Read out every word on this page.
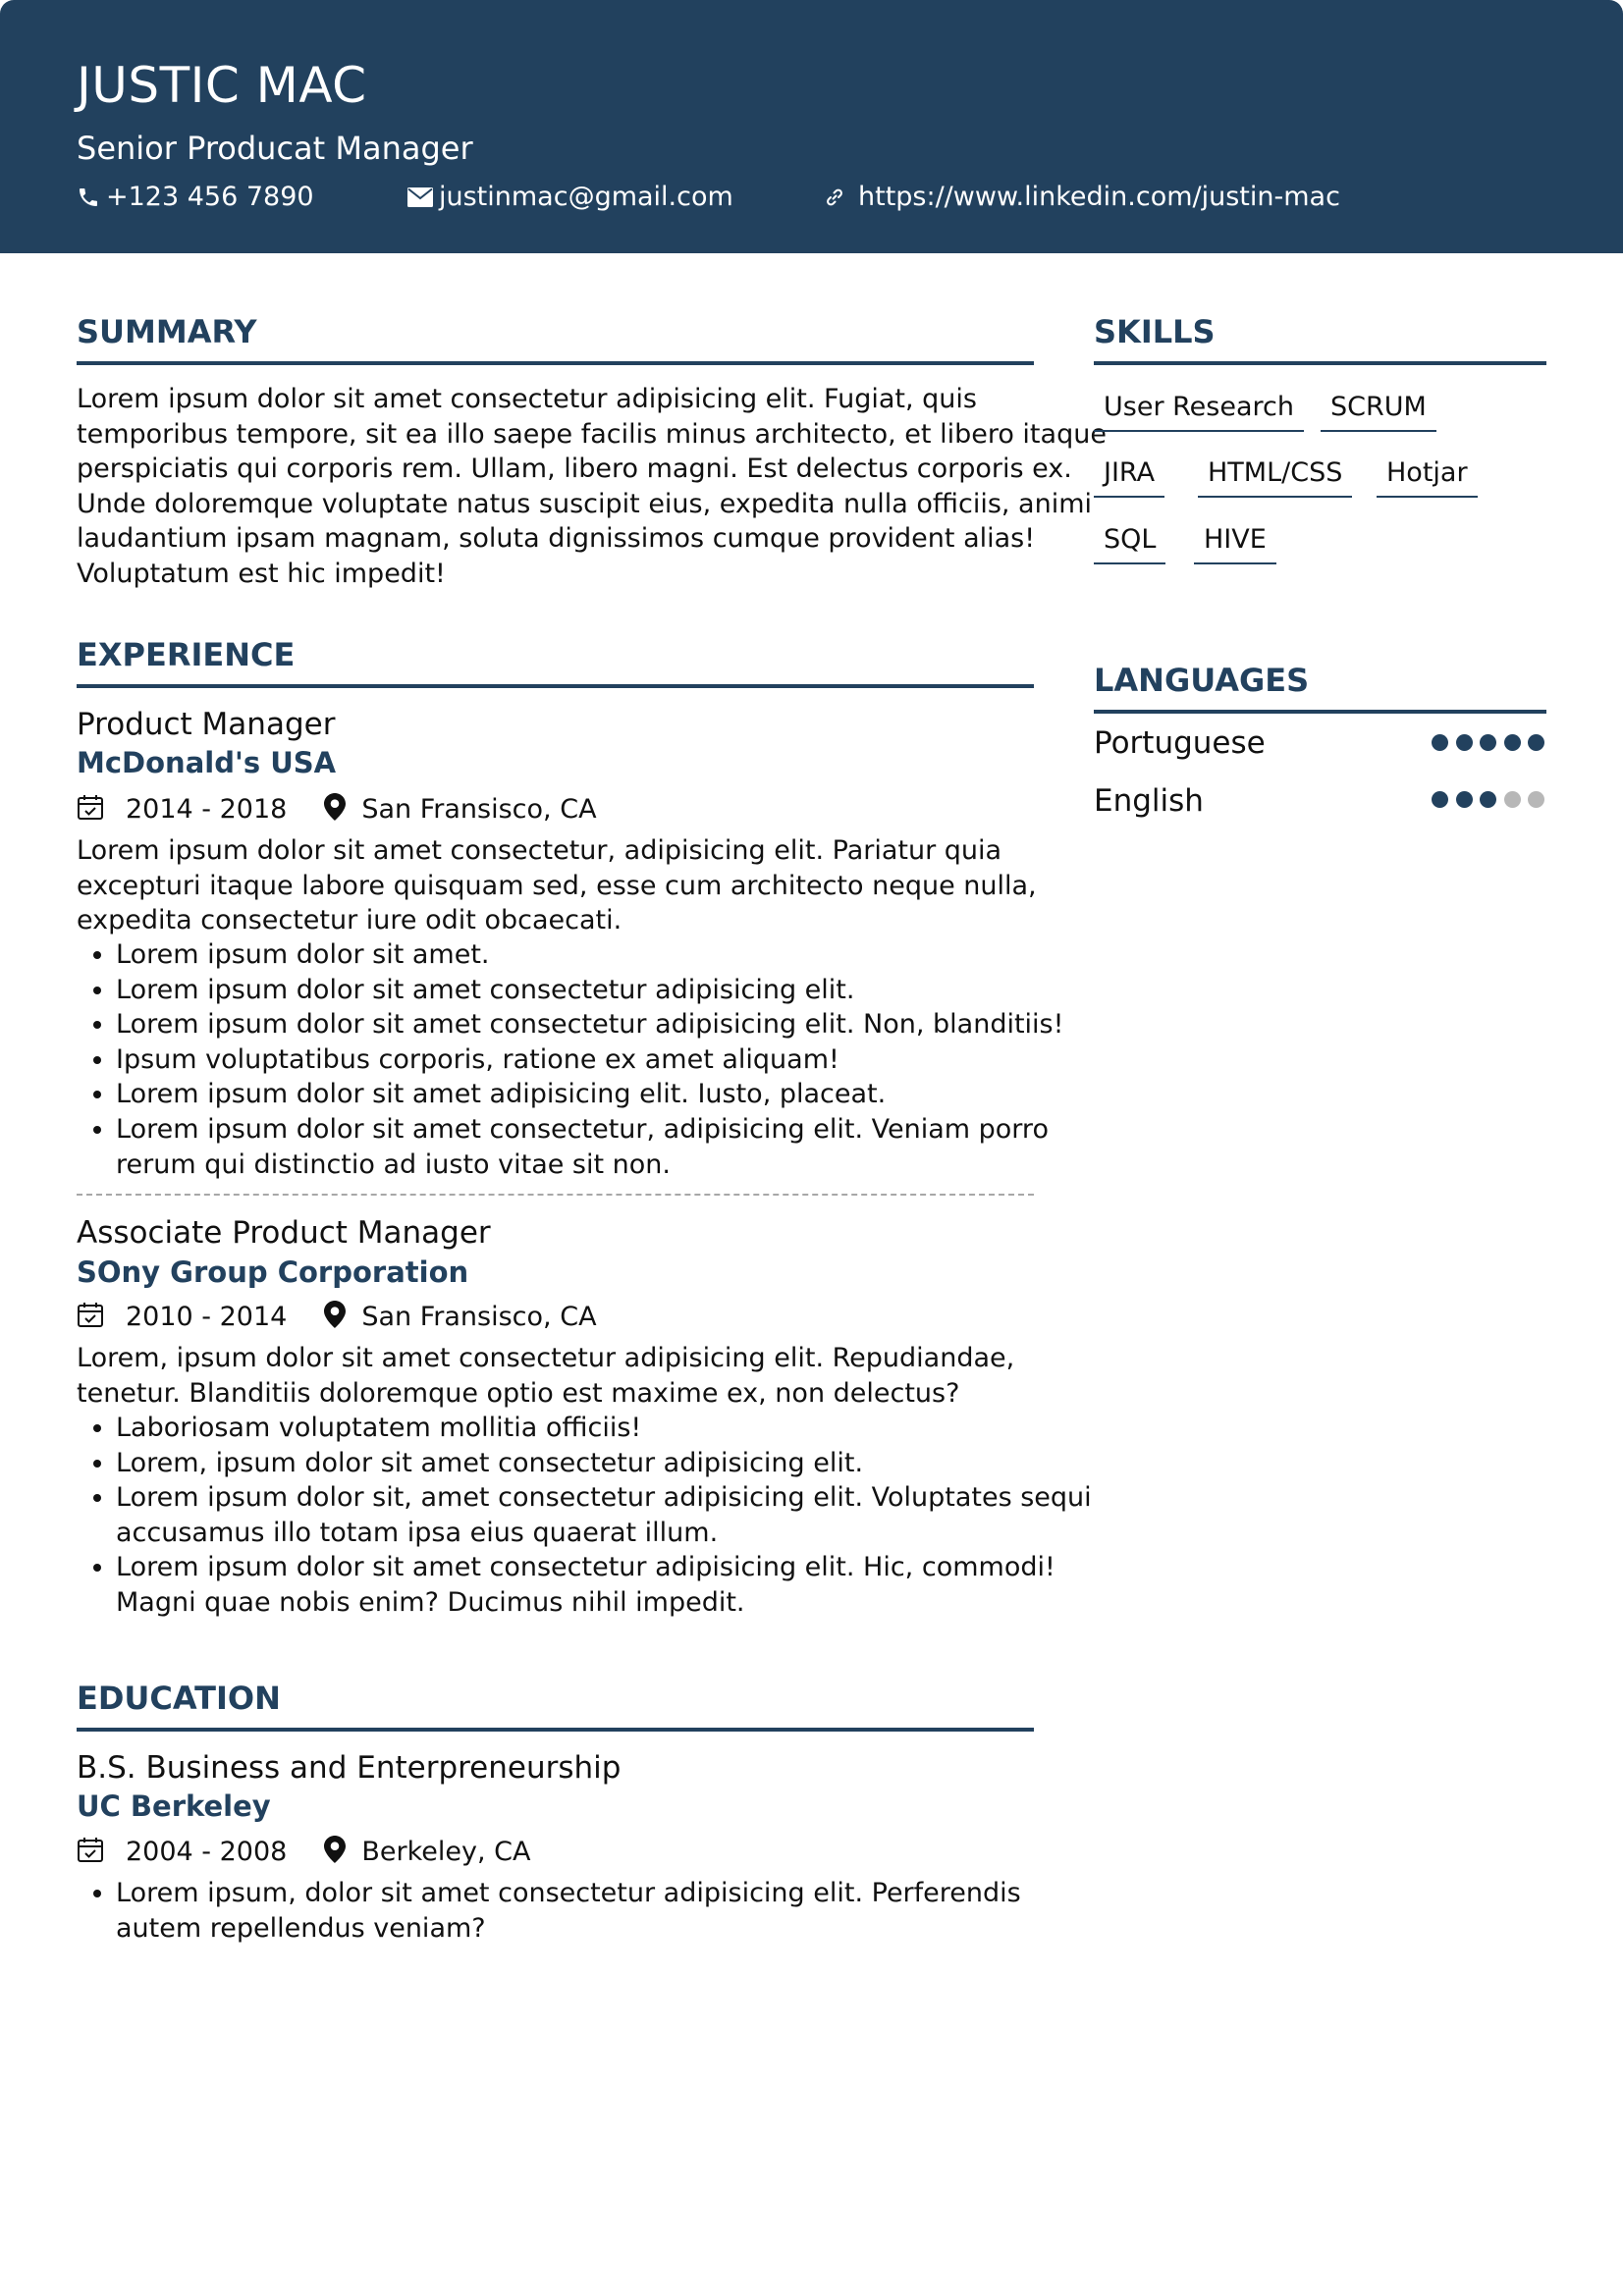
JUSTIC MAC

Senior Producat Manager

+123 456 7890	justinmac@gmail.com	https://www.linkedin.com/justin-mac
SUMMARY

Lorem ipsum dolor sit amet consectetur adipisicing elit. Fugiat, quis
temporibus tempore, sit ea illo saepe facilis minus architecto, et libero itaque
perspiciatis qui corporis rem. Ullam, libero magni. Est delectus corporis ex.
Unde doloremque voluptate natus suscipit eius, expedita nulla officiis, animi
laudantium ipsam magnam, soluta dignissimos cumque provident alias!
Voluptatum est hic impedit!

EXPERIENCE
Product Manager

McDonald's USA

2014 - 2018	San Fransisco, CA

Lorem ipsum dolor sit amet consectetur, adipisicing elit. Pariatur quia
excepturi itaque labore quisquam sed, esse cum architecto neque nulla,
expedita consectetur iure odit obcaecati.

• Lorem ipsum dolor sit amet.
• Lorem ipsum dolor sit amet consectetur adipisicing elit.
• Lorem ipsum dolor sit amet consectetur adipisicing elit. Non, blanditiis!
• Ipsum voluptatibus corporis, ratione ex amet aliquam!
• Lorem ipsum dolor sit amet adipisicing elit. Iusto, placeat.
• Lorem ipsum dolor sit amet consectetur, adipisicing elit. Veniam porro
rerum qui distinctio ad iusto vitae sit non.
Associate Product Manager

SOny Group Corporation

2010 - 2014	San Fransisco, CA

Lorem, ipsum dolor sit amet consectetur adipisicing elit. Repudiandae,
tenetur. Blanditiis doloremque optio est maxime ex, non delectus?

• Laboriosam voluptatem mollitia officiis!
• Lorem, ipsum dolor sit amet consectetur adipisicing elit.
• Lorem ipsum dolor sit, amet consectetur adipisicing elit. Voluptates sequi
accusamus illo totam ipsa eius quaerat illum.
• Lorem ipsum dolor sit amet consectetur adipisicing elit. Hic, commodi!
Magni quae nobis enim? Ducimus nihil impedit.
EDUCATION
B.S. Business and Enterpreneurship

UC Berkeley

2004 - 2008	Berkeley, CA
• Lorem ipsum, dolor sit amet consectetur adipisicing elit. Perferendis
autem repellendus veniam?
SKILLS
User Research	SCRUM
JIRA	HTML/CSS	Hotjar
SQL	HIVE
LANGUAGES

Portuguese

English
